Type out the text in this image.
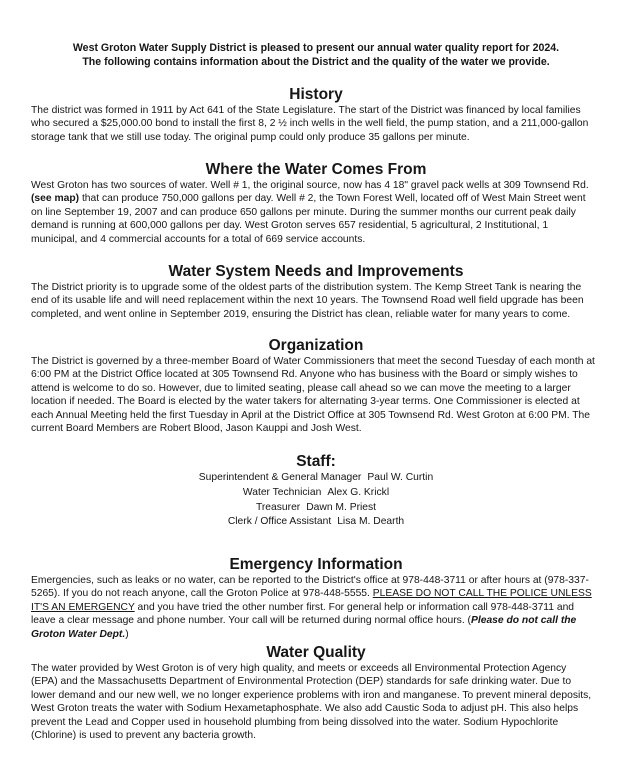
West Groton Water Supply District is pleased to present our annual water quality report for 2024.
The following contains information about the District and the quality of the water we provide.
History
The district was formed in 1911 by Act 641 of the State Legislature. The start of the District was financed by local families
who secured a $25,000.00 bond to install the first 8, 2 ½ inch wells in the well field, the pump station, and a 211,000-gallon
storage tank that we still use today. The original pump could only produce 35 gallons per minute.
Where the Water Comes From
West Groton has two sources of water. Well # 1, the original source, now has 4 18" gravel pack wells at 309 Townsend Rd.
(see map) that can produce 750,000 gallons per day. Well # 2, the Town Forest Well, located off of West Main Street went
on line September 19, 2007 and can produce 650 gallons per minute. During the summer months our current peak daily
demand is running at 600,000 gallons per day. West Groton serves 657 residential, 5 agricultural, 2 Institutional, 1
municipal, and 4 commercial accounts for a total of 669 service accounts.
Water System Needs and Improvements
The District priority is to upgrade some of the oldest parts of the distribution system. The Kemp Street Tank is nearing the
end of its usable life and will need replacement within the next 10 years. The Townsend Road well field upgrade has been
completed, and went online in September 2019, ensuring the District has clean, reliable water for many years to come.
Organization
The District is governed by a three-member Board of Water Commissioners that meet the second Tuesday of each month at
6:00 PM at the District Office located at 305 Townsend Rd. Anyone who has business with the Board or simply wishes to
attend is welcome to do so. However, due to limited seating, please call ahead so we can move the meeting to a larger
location if needed. The Board is elected by the water takers for alternating 3-year terms. One Commissioner is elected at
each Annual Meeting held the first Tuesday in April at the District Office at 305 Townsend Rd. West Groton at 6:00 PM. The
current Board Members are Robert Blood, Jason Kauppi and Josh West.
Staff:
Superintendent & General Manager Paul W. Curtin
Water Technician Alex G. Krickl
Treasurer Dawn M. Priest
Clerk / Office Assistant Lisa M. Dearth
Emergency Information
Emergencies, such as leaks or no water, can be reported to the District's office at 978-448-3711 or after hours at (978-337-
5265). If you do not reach anyone, call the Groton Police at 978-448-5555. PLEASE DO NOT CALL THE POLICE UNLESS
IT'S AN EMERGENCY and you have tried the other number first. For general help or information call 978-448-3711 and
leave a clear message and phone number. Your call will be returned during normal office hours. (Please do not call the
Groton Water Dept.)
Water Quality
The water provided by West Groton is of very high quality, and meets or exceeds all Environmental Protection Agency
(EPA) and the Massachusetts Department of Environmental Protection (DEP) standards for safe drinking water. Due to
lower demand and our new well, we no longer experience problems with iron and manganese. To prevent mineral deposits,
West Groton treats the water with Sodium Hexametaphosphate. We also add Caustic Soda to adjust pH. This also helps
prevent the Lead and Copper used in household plumbing from being dissolved into the water. Sodium Hypochlorite
(Chlorine) is used to prevent any bacteria growth.
